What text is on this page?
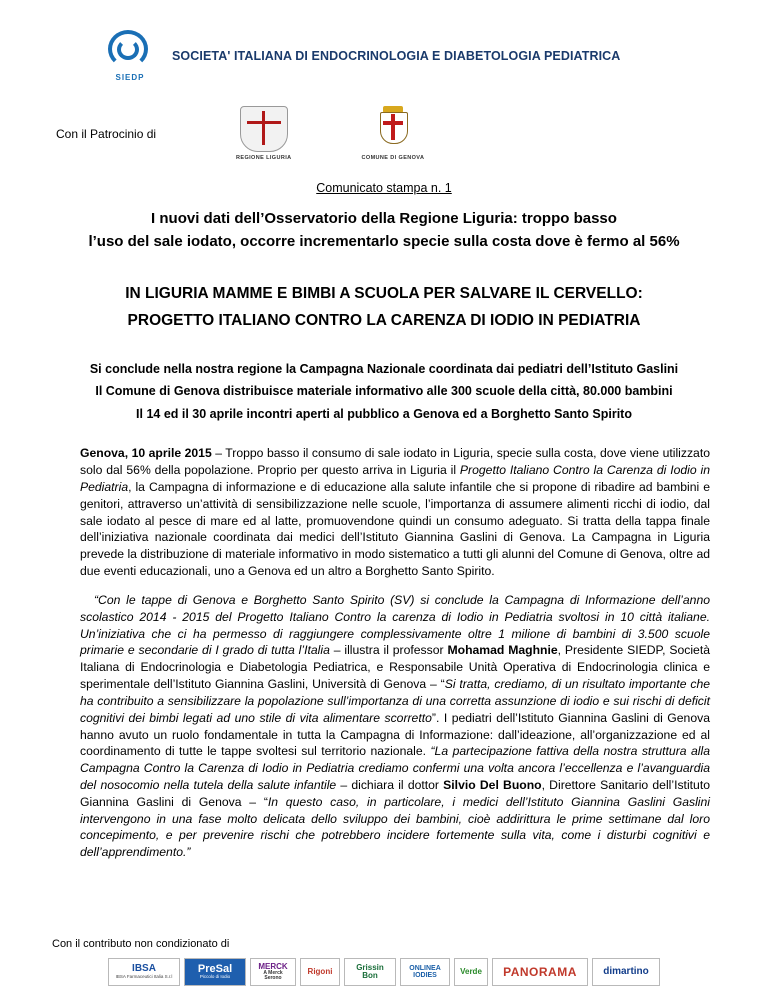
SIEDP
SOCIETA' ITALIANA DI ENDOCRINOLOGIA E DIABETOLOGIA PEDIATRICA
Con il Patrocinio di
REGIONE LIGURIA	COMUNE DI GENOVA
Comunicato stampa n. 1
I nuovi dati dell’Osservatorio della Regione Liguria: troppo basso
l’uso del sale iodato, occorre incrementarlo specie sulla costa dove è fermo al 56%
IN LIGURIA MAMME E BIMBI A SCUOLA PER SALVARE IL CERVELLO:
PROGETTO ITALIANO CONTRO LA CARENZA DI IODIO IN PEDIATRIA
Si conclude nella nostra regione la Campagna Nazionale coordinata dai pediatri dell’Istituto Gaslini
Il Comune di Genova distribuisce materiale informativo alle 300 scuole della città, 80.000 bambini
Il 14 ed il 30 aprile incontri aperti al pubblico a Genova ed a Borghetto Santo Spirito

Genova, 10 aprile 2015 – Troppo basso il consumo di sale iodato in Liguria, specie sulla costa, dove viene utilizzato solo dal 56% della popolazione. Proprio per questo arriva in Liguria il Progetto Italiano Contro la Carenza di Iodio in Pediatria, la Campagna di informazione e di educazione alla salute infantile che si propone di ribadire ad bambini e genitori, attraverso un’attività di sensibilizzazione nelle scuole, l’importanza di assumere alimenti ricchi di iodio, dal sale iodato al pesce di mare ed al latte, promuovendone quindi un consumo adeguato. Si tratta della tappa finale dell’iniziativa nazionale coordinata dai medici dell’Istituto Giannina Gaslini di Genova. La Campagna in Liguria prevede la distribuzione di materiale informativo in modo sistematico a tutti gli alunni del Comune di Genova, oltre ad due eventi educazionali, uno a Genova ed un altro a Borghetto Santo Spirito.

“Con le tappe di Genova e Borghetto Santo Spirito (SV) si conclude la Campagna di Informazione dell’anno scolastico 2014 - 2015 del Progetto Italiano Contro la carenza di Iodio in Pediatria svoltosi in 10 città italiane. Un’iniziativa che ci ha permesso di raggiungere complessivamente oltre 1 milione di bambini di 3.500 scuole primarie e secondarie di I grado di tutta l’Italia – illustra il professor Mohamad Maghnie, Presidente SIEDP, Società Italiana di Endocrinologia e Diabetologia Pediatrica, e Responsabile Unità Operativa di Endocrinologia clinica e sperimentale dell’Istituto Giannina Gaslini, Università di Genova – “Si tratta, crediamo, di un risultato importante che ha contribuito a sensibilizzare la popolazione sull’importanza di una corretta assunzione di iodio e sui rischi di deficit cognitivi dei bimbi legati ad uno stile di vita alimentare scorretto”. I pediatri dell’Istituto Giannina Gaslini di Genova hanno avuto un ruolo fondamentale in tutta la Campagna di Informazione: dall’ideazione, all’organizzazione ed al coordinamento di tutte le tappe svoltesi sul territorio nazionale. “La partecipazione fattiva della nostra struttura alla Campagna Contro la Carenza di Iodio in Pediatria crediamo confermi una volta ancora l’eccellenza e l’avanguardia del nosocomio nella tutela della salute infantile – dichiara il dottor Silvio Del Buono, Direttore Sanitario dell’Istituto Giannina Gaslini di Genova – “In questo caso, in particolare, i medici dell’Istituto Giannina Gaslini Gaslini intervengono in una fase molto delicata dello sviluppo dei bambini, cioè addirittura le prime settimane dal loro concepimento, e per prevenire rischi che potrebbero incidere fortemente sulla vita, come i disturbi cognitivi e dell’apprendimento.”

Con il contributo non condizionato di
IBSA
IBSA Farmaceutici Italia S.r.l
PreSal
Piccolo di Iodio
MERCK
A Merck Serono
Rigoni	Grissin Bon
ONLINEA IODIES	Verde	PANORAMA	dimartino
